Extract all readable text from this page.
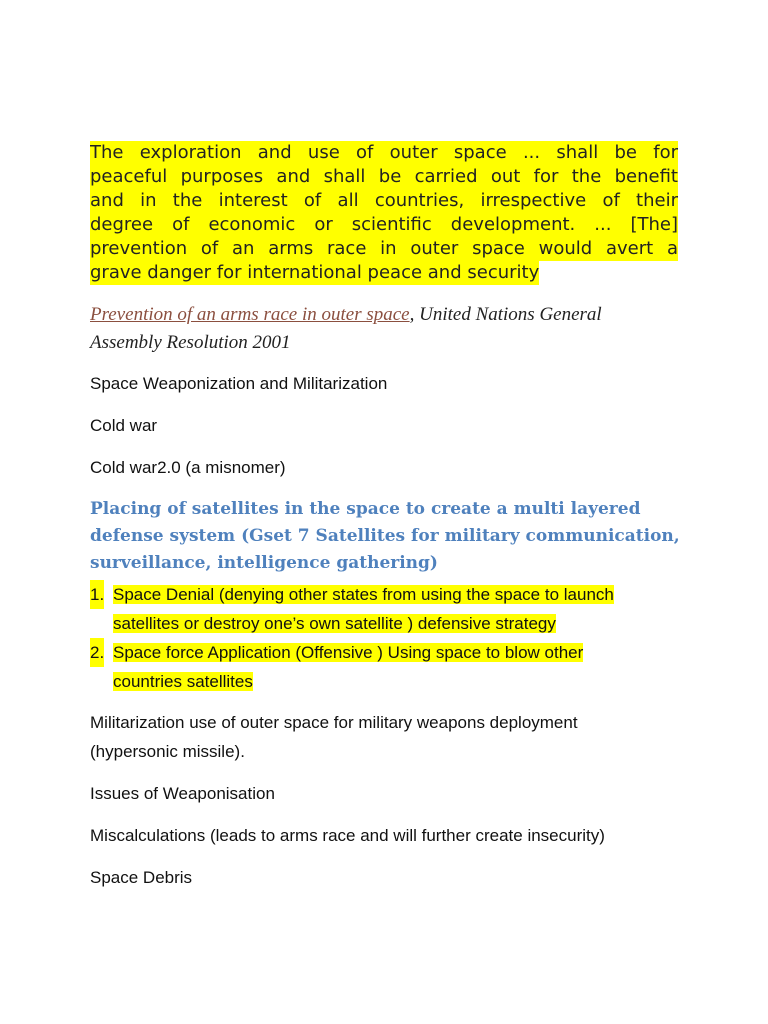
The exploration and use of outer space ... shall be for
peaceful purposes and shall be carried out for the benefit
and in the interest of all countries, irrespective of their
degree of economic or scientific development. ... [The]
prevention of an arms race in outer space would avert a
grave danger for international peace and security

Prevention of an arms race in outer space, United Nations General
Assembly Resolution 2001

Space Weaponization and Militarization

Cold war

Cold war2.0 (a misnomer)

Placing of satellites in the space to create a multi layered
defense system (Gset 7 Satellites for military communication,
surveillance, intelligence gathering)
1. Space Denial (denying other states from using the space to launch
satellites or destroy one’s own satellite ) defensive strategy
2. Space force Application (Offensive ) Using space to blow other
countries satellites

Militarization use of outer space for military weapons deployment
(hypersonic missile).

Issues of Weaponisation

Miscalculations (leads to arms race and will further create insecurity)

Space Debris
